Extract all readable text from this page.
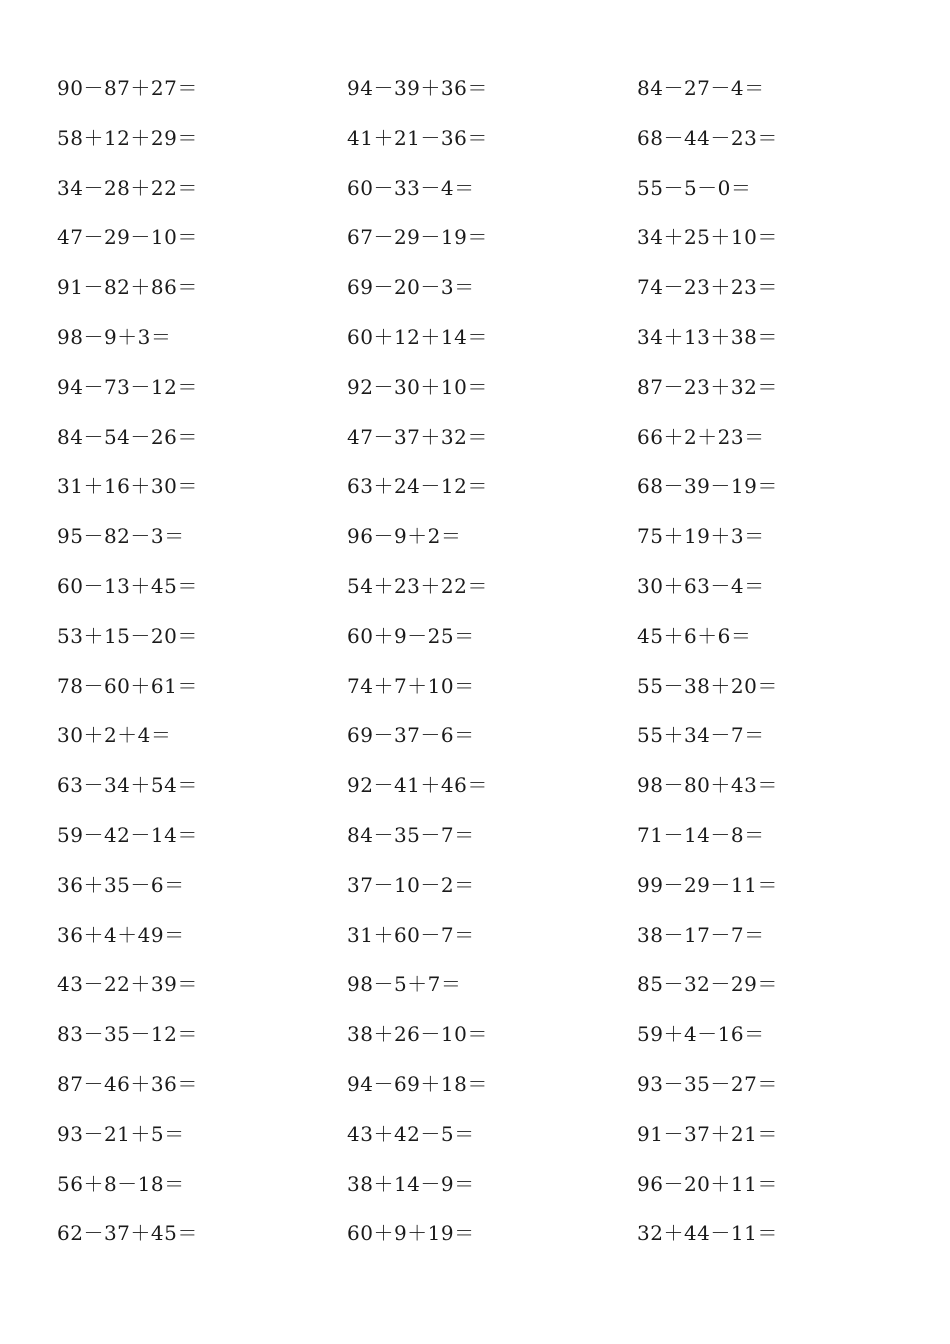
90－87＋27＝
58＋12＋29＝
34－28＋22＝
47－29－10＝
91－82＋86＝
98－9＋3＝
94－73－12＝
84－54－26＝
31＋16＋30＝
95－82－3＝
60－13＋45＝
53＋15－20＝
78－60＋61＝
30＋2＋4＝
63－34＋54＝
59－42－14＝
36＋35－6＝
36＋4＋49＝
43－22＋39＝
83－35－12＝
87－46＋36＝
93－21＋5＝
56＋8－18＝
62－37＋45＝
94－39＋36＝
41＋21－36＝
60－33－4＝
67－29－19＝
69－20－3＝
60＋12＋14＝
92－30＋10＝
47－37＋32＝
63＋24－12＝
96－9＋2＝
54＋23＋22＝
60＋9－25＝
74＋7＋10＝
69－37－6＝
92－41＋46＝
84－35－7＝
37－10－2＝
31＋60－7＝
98－5＋7＝
38＋26－10＝
94－69＋18＝
43＋42－5＝
38＋14－9＝
60＋9＋19＝
84－27－4＝
68－44－23＝
55－5－0＝
34＋25＋10＝
74－23＋23＝
34＋13＋38＝
87－23＋32＝
66＋2＋23＝
68－39－19＝
75＋19＋3＝
30＋63－4＝
45＋6＋6＝
55－38＋20＝
55＋34－7＝
98－80＋43＝
71－14－8＝
99－29－11＝
38－17－7＝
85－32－29＝
59＋4－16＝
93－35－27＝
91－37＋21＝
96－20＋11＝
32＋44－11＝
